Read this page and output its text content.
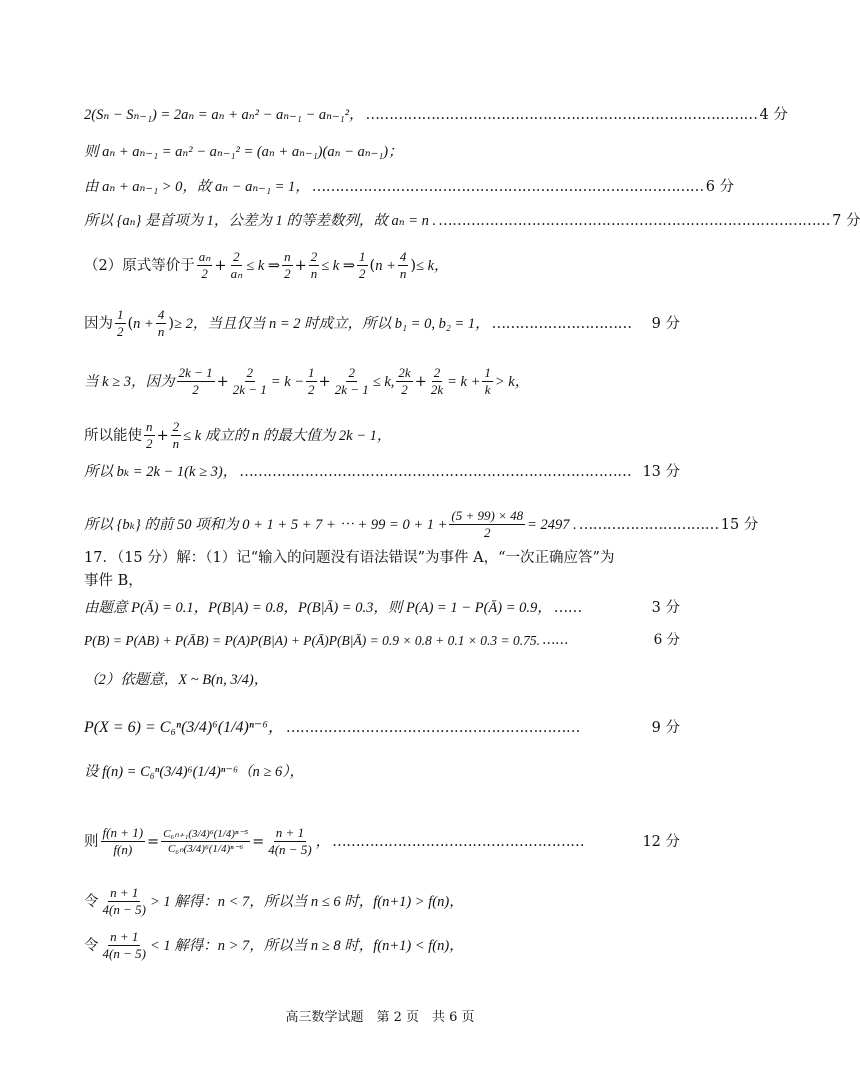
2(Sₙ − Sₙ₋₁) = 2aₙ = aₙ + aₙ² − aₙ₋₁ − aₙ₋₁²， ………………………………………………………………………… 4 分
则 aₙ + aₙ₋₁ = aₙ² − aₙ₋₁² = (aₙ + aₙ₋₁)(aₙ − aₙ₋₁)；
由 aₙ + aₙ₋₁ > 0，故 aₙ − aₙ₋₁ = 1， ………………………………………………………………………… 6 分
所以 {aₙ} 是首项为 1，公差为 1 的等差数列，故 aₙ = n . ………………………………………………………………………… 7 分
（2）原式等价于 $\frac{\text{aₙ}}{2} + \frac{2}{\text{aₙ}} \le k$ ⇒ $\frac{n}{2} + \frac{2}{n} \le k$ ⇒ $\frac{1}{2}$ ( $n + \frac{4}{n}$ ) ≤ k，
因为 $\frac{1}{2}$ ( $n + \frac{4}{n}$ ) ≥ 2，当且仅当 n = 2 时成立，所以 b₁ = 0, b₂ = 1， …………………………	9 分
当 k ≥ 3，因为 $\frac{2k - 1}{2} + \frac{2}{2k - 1} = k - \frac{1}{2} + \frac{2}{2k - 1} \le k$, $\frac{2k}{2} + \frac{2}{2k} = k + \frac{1}{k} > k$，
所以能使 $\frac{n}{2} + \frac{2}{n} \le k$ 成立的 n 的最大值为 2k − 1，
所以 bₖ = 2k − 1(k ≥ 3)， ………………………………………………………………………… 13 分
所以 {bₖ} 的前 50 项和为 0 + 1 + 5 + 7 + ⋯ + $99 = 0 + 1 + \frac{(5 + 99) \times 48}{2} = 2497$ . ………………………… 15 分
17．（15 分）解：（1）记“输入的问题没有语法错误”为事件 A，“一次正确应答”为
事件 B，
由题意 P(Ā) = 0.1，P(B|A) = 0.8，P(B|Ā) = 0.3，则 P(A) = 1 − P(Ā) = 0.9， ……	3 分
P(B) = P(AB) + P(ĀB) = P(A)P(B|A) + P(Ā)P(B|Ā) = 0.9 × 0.8 + 0.1 × 0.3 = 0.75. ……	6 分
（2）依题意，X ~ B(n, 3/4)，
P(X = 6) = C₆ⁿ(3/4)⁶(1/4)ⁿ⁻⁶， ………………………………………………………	9 分
设 f(n) = C₆ⁿ(3/4)⁶(1/4)ⁿ⁻⁶（n ≥ 6），
则 $\frac{f(n + 1)}{f(n)} = \frac{\text{C₆ₙ₊₁(3/4)⁶(1/4)ⁿ⁻⁵}}{\text{C₆ₙ(3/4)⁶(1/4)ⁿ⁻⁶}} = \frac{n + 1}{4(n - 5)}$ ， ………………………………………………	12 分
令 $\frac{n + 1}{4(n - 5)} > 1$ 解得：n < 7，所以当 n ≤ 6 时，f(n+1) > f(n)，
令 $\frac{n + 1}{4(n - 5)} < 1$ 解得：n > 7，所以当 n ≥ 8 时，f(n+1) < f(n)，
高三数学试题　第 2 页　共 6 页
